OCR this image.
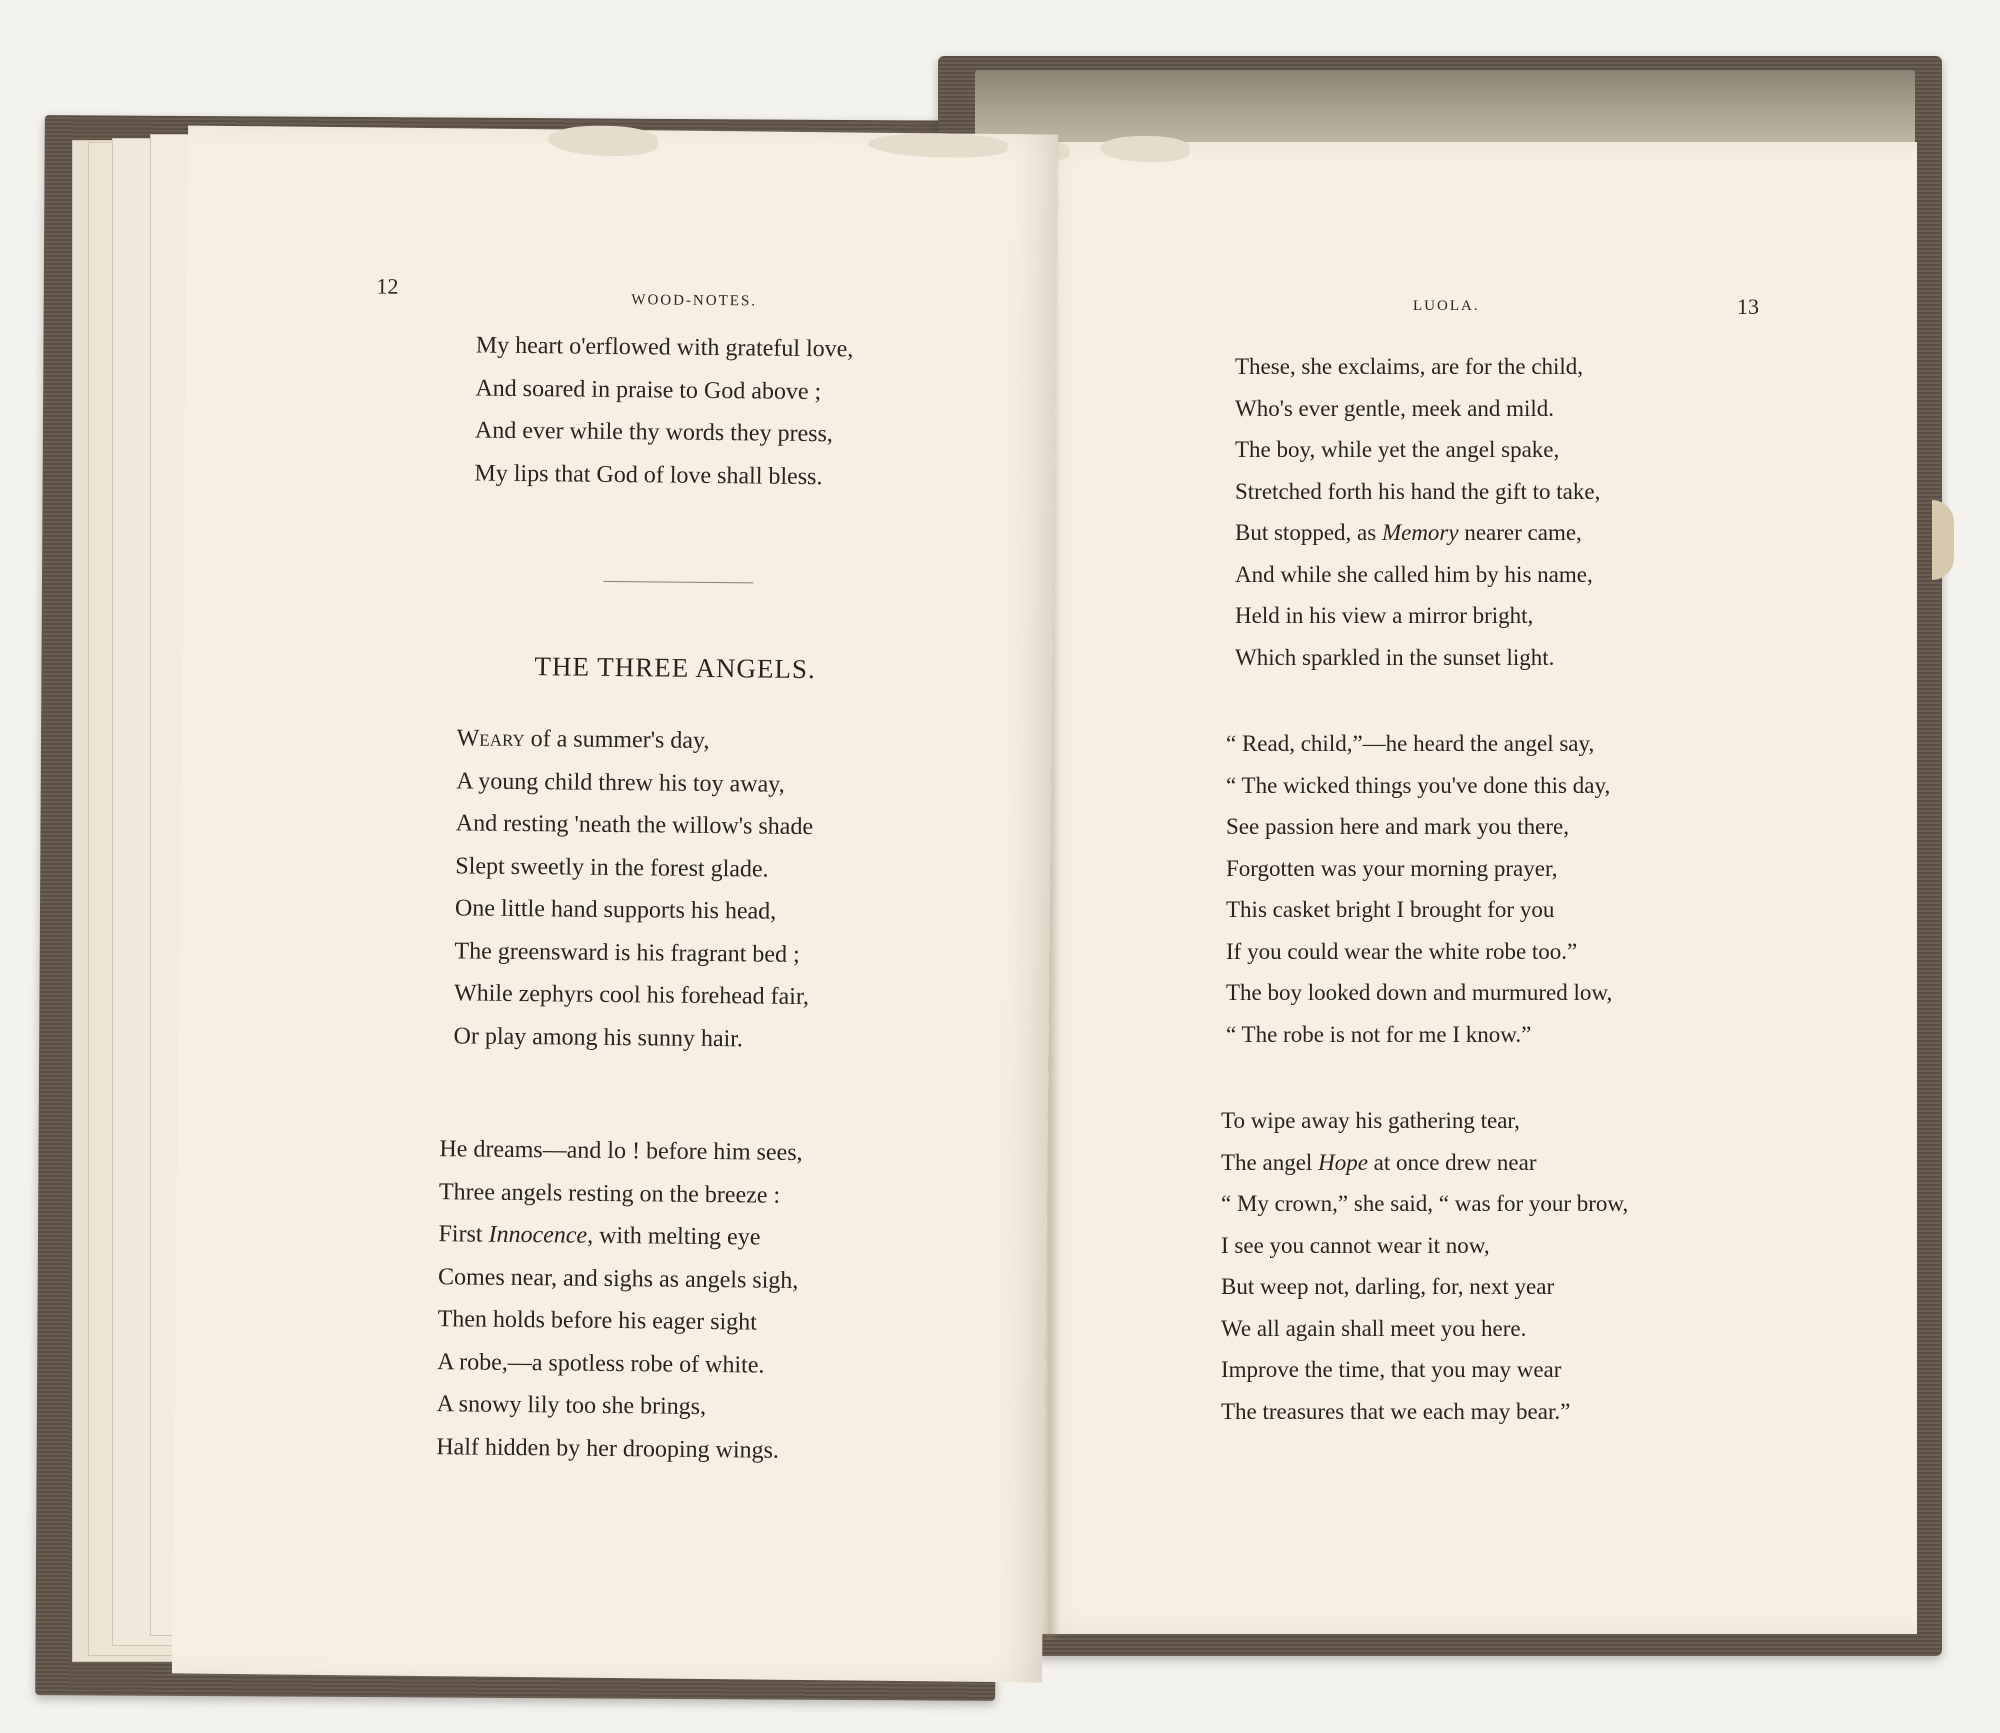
LUOLA.	13
These, she exclaims, are for the child,
Who's ever gentle, meek and mild.
The boy, while yet the angel spake,
Stretched forth his hand the gift to take,
But stopped, as Memory nearer came,
And while she called him by his name,
Held in his view a mirror bright,
Which sparkled in the sunset light.
“ Read, child,”—he heard the angel say,
“ The wicked things you've done this day,
See passion here and mark you there,
Forgotten was your morning prayer,
This casket bright I brought for you
If you could wear the white robe too.”
The boy looked down and murmured low,
“ The robe is not for me I know.”
To wipe away his gathering tear,
The angel Hope at once drew near
“ My crown,” she said, “ was for your brow,
I see you cannot wear it now,
But weep not, darling, for, next year
We all again shall meet you here.
Improve the time, that you may wear
The treasures that we each may bear.”
12
WOOD-NOTES.
My heart o'erflowed with grateful love,
And soared in praise to God above ;
And ever while thy words they press,
My lips that God of love shall bless.
THE THREE ANGELS.
Weary of a summer's day,
A young child threw his toy away,
And resting 'neath the willow's shade
Slept sweetly in the forest glade.
One little hand supports his head,
The greensward is his fragrant bed ;
While zephyrs cool his forehead fair,
Or play among his sunny hair.
He dreams—and lo ! before him sees,
Three angels resting on the breeze :
First Innocence, with melting eye
Comes near, and sighs as angels sigh,
Then holds before his eager sight
A robe,—a spotless robe of white.
A snowy lily too she brings,
Half hidden by her drooping wings.
